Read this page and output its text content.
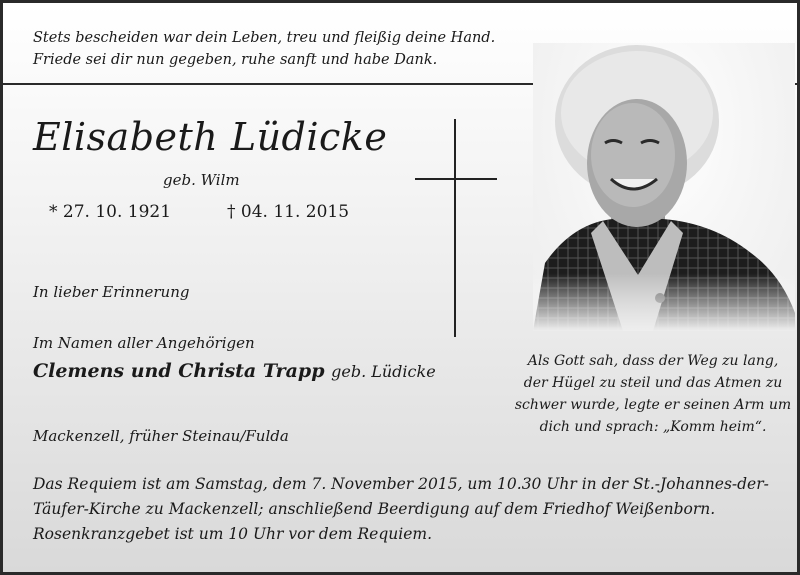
Stets bescheiden war dein Leben, treu und fleißig deine Hand.
Friede sei dir nun gegeben, ruhe sanft und habe Dank.
Elisabeth Lüdicke
geb. Wilm
* 27. 10. 1921	† 04. 11. 2015
In lieber Erinnerung
Im Namen aller Angehörigen
Clemens und Christa Trapp geb. Lüdicke
Mackenzell, früher Steinau/Fulda
Als Gott sah, dass der Weg zu lang,
der Hügel zu steil und das Atmen zu
schwer wurde, legte er seinen Arm um
dich und sprach: „Komm heim“.
Das Requiem ist am Samstag, dem 7. November 2015, um 10.30 Uhr in der St.-Johannes-der-
Täufer-Kirche zu Mackenzell; anschließend Beerdigung auf dem Friedhof Weißenborn.
Rosenkranzgebet ist um 10 Uhr vor dem Requiem.
